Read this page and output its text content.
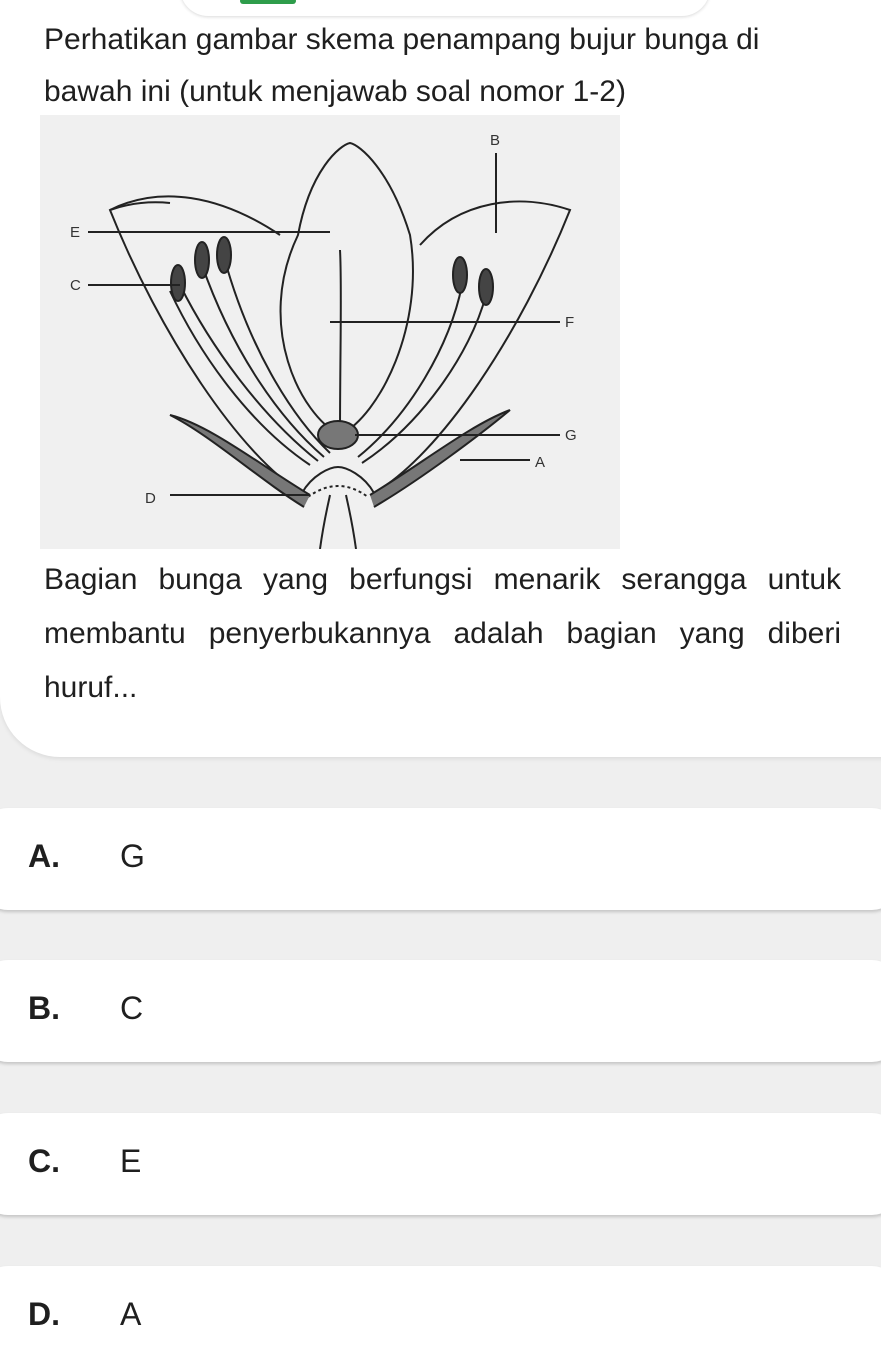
Perhatikan gambar skema penampang bujur bunga di bawah ini (untuk menjawab soal nomor 1-2)
B
E
C
F
G
A
D
Bagian bunga yang berfungsi menarik serangga untuk membantu penyerbukannya adalah bagian yang diberi huruf...
A. G
B. C
C. E
D. A
